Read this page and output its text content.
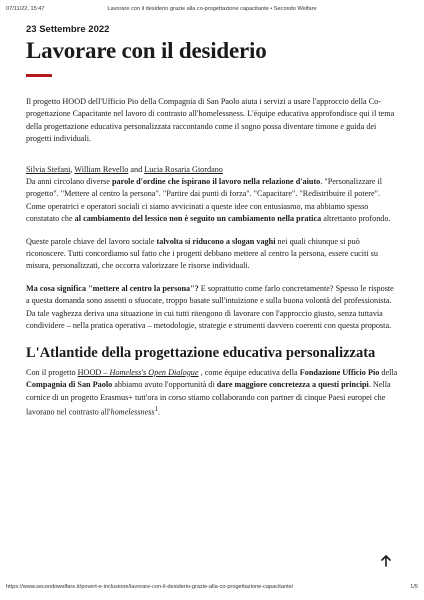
07/11/22, 15:47	Lavorare con il desiderio grazie alla co-progettazione capacitante • Secondo Welfare
23 Settembre 2022
Lavorare con il desiderio

Il progetto HOOD dell'Ufficio Pio della Compagnia di San Paolo aiuta i servizi a usare l'approccio della Co-progettazione Capacitante nel lavoro di contrasto all'homelessness. L'équipe educativa approfondisce qui il tema della progettazione educativa personalizzata raccontando come il sogno possa diventare timone e guida dei progetti individuali.

Silvia Stefani, William Revello and Lucia Rosaria Giordano

Da anni circolano diverse parole d'ordine che ispirano il lavoro nella relazione d'aiuto. "Personalizzare il progetto". "Mettere al centro la persona". "Partire dai punti di forza". "Capacitare". "Redistribuire il potere". Come operatrici e operatori sociali ci siamo avvicinati a queste idee con entusiasmo, ma abbiamo spesso constatato che al cambiamento del lessico non è seguito un cambiamento nella pratica altrettanto profondo.

Queste parole chiave del lavoro sociale talvolta si riducono a slogan vaghi nei quali chiunque si può riconoscere. Tutti concordiamo sul fatto che i progetti debbano mettere al centro la persona, essere cuciti su misura, personalizzati, che occorra valorizzare le risorse individuali.

Ma cosa significa "mettere al centro la persona"? E soprattutto come farlo concretamente? Spesso le risposte a questa domanda sono assenti o sfuocate, troppo basate sull'intuizione e sulla buona volontà del professionista. Da tale vaghezza deriva una situazione in cui tutti ritengono di lavorare con l'approccio giusto, senza tuttavia condividere – nella pratica operativa – metodologie, strategie e strumenti davvero coerenti con questa proposta.

L'Atlantide della progettazione educativa personalizzata

Con il progetto HOOD – Homeless's Open Dialogue , come équipe educativa della Fondazione Ufficio Pio della Compagnia di San Paolo abbiamo avuto l'opportunità di dare maggiore concretezza a questi principi. Nella cornice di un progetto Erasmus+ tutt'ora in corso stiamo collaborando con partner di cinque Paesi europei che lavorano nel contrasto all'homelessness$^1$.

https://www.secondowelfare.it/povert-e-inclusione/lavorare-con-il-desiderio-grazie-alla-co-progettazione-capacitante/	1/5
